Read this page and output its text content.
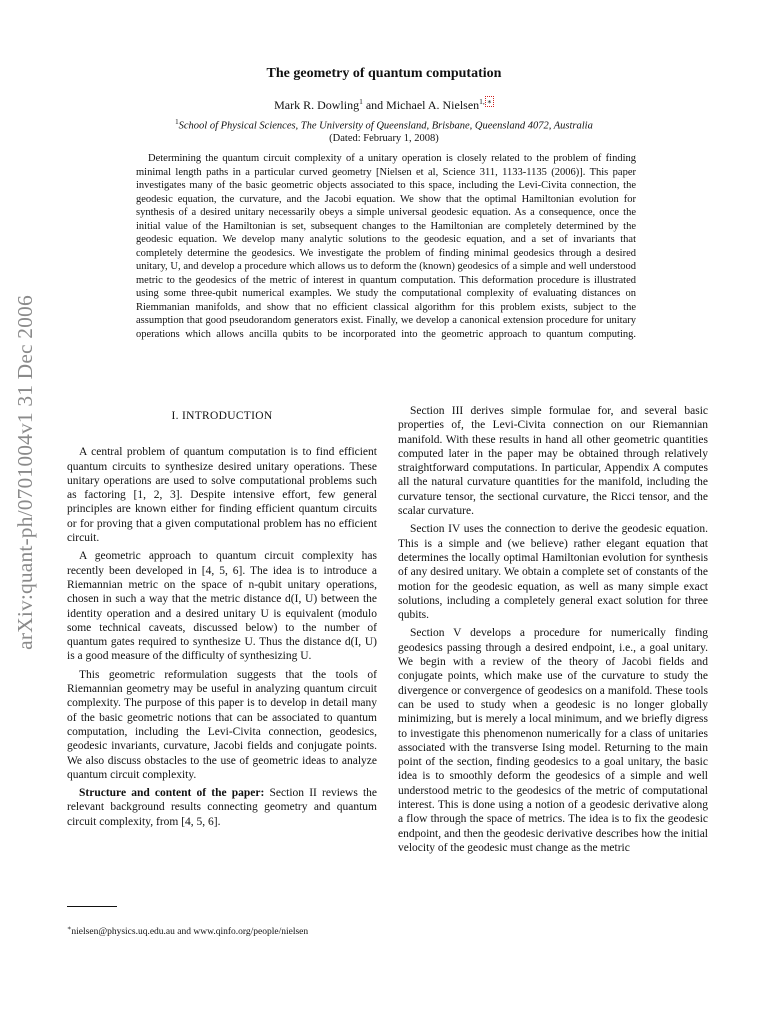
arXiv:quant-ph/0701004v1 31 Dec 2006
The geometry of quantum computation
Mark R. Dowling$^1$ and Michael A. Nielsen$^{1, ∗}$
$^1$School of Physical Sciences, The University of Queensland, Brisbane, Queensland 4072, Australia
(Dated: February 1, 2008)

Determining the quantum circuit complexity of a unitary operation is closely related to the problem of finding minimal length paths in a particular curved geometry [Nielsen et al, Science 311, 1133-1135 (2006)]. This paper investigates many of the basic geometric objects associated to this space, including the Levi-Civita connection, the geodesic equation, the curvature, and the Jacobi equation. We show that the optimal Hamiltonian evolution for synthesis of a desired unitary necessarily obeys a simple universal geodesic equation. As a consequence, once the initial value of the Hamiltonian is set, subsequent changes to the Hamiltonian are completely determined by the geodesic equation. We develop many analytic solutions to the geodesic equation, and a set of invariants that completely determine the geodesics. We investigate the problem of finding minimal geodesics through a desired unitary, U, and develop a procedure which allows us to deform the (known) geodesics of a simple and well understood metric to the geodesics of the metric of interest in quantum computation. This deformation procedure is illustrated using some three-qubit numerical examples. We study the computational complexity of evaluating distances on Riemmanian manifolds, and show that no efficient classical algorithm for this problem exists, subject to the assumption that good pseudorandom generators exist. Finally, we develop a canonical extension procedure for unitary operations which allows ancilla qubits to be incorporated into the geometric approach to quantum computing.

I. INTRODUCTION

A central problem of quantum computation is to find efficient quantum circuits to synthesize desired unitary operations. These unitary operations are used to solve computational problems such as factoring [1, 2, 3]. Despite intensive effort, few general principles are known either for finding efficient quantum circuits or for proving that a given computational problem has no efficient circuit.

A geometric approach to quantum circuit complexity has recently been developed in [4, 5, 6]. The idea is to introduce a Riemannian metric on the space of n-qubit unitary operations, chosen in such a way that the metric distance d(I, U) between the identity operation and a desired unitary U is equivalent (modulo some technical caveats, discussed below) to the number of quantum gates required to synthesize U. Thus the distance d(I, U) is a good measure of the difficulty of synthesizing U.

This geometric reformulation suggests that the tools of Riemannian geometry may be useful in analyzing quantum circuit complexity. The purpose of this paper is to develop in detail many of the basic geometric notions that can be associated to quantum computation, including the Levi-Civita connection, geodesics, geodesic invariants, curvature, Jacobi fields and conjugate points. We also discuss obstacles to the use of geometric ideas to analyze quantum circuit complexity.

Structure and content of the paper: Section II reviews the relevant background results connecting geometry and quantum circuit complexity, from [4, 5, 6].

Section III derives simple formulae for, and several basic properties of, the Levi-Civita connection on our Riemannian manifold. With these results in hand all other geometric quantities computed later in the paper may be obtained through relatively straightforward computations. In particular, Appendix A computes all the natural curvature quantities for the manifold, including the curvature tensor, the sectional curvature, the Ricci tensor, and the scalar curvature.

Section IV uses the connection to derive the geodesic equation. This is a simple and (we believe) rather elegant equation that determines the locally optimal Hamiltonian evolution for synthesis of any desired unitary. We obtain a complete set of constants of the motion for the geodesic equation, as well as many simple exact solutions, including a completely general exact solution for three qubits.

Section V develops a procedure for numerically finding geodesics passing through a desired endpoint, i.e., a goal unitary. We begin with a review of the theory of Jacobi fields and conjugate points, which make use of the curvature to study the divergence or convergence of geodesics on a manifold. These tools can be used to study when a geodesic is no longer globally minimizing, but is merely a local minimum, and we briefly digress to investigate this phenomenon numerically for a class of unitaries associated with the transverse Ising model. Returning to the main point of the section, finding geodesics to a goal unitary, the basic idea is to smoothly deform the geodesics of a simple and well understood metric to the geodesics of the metric of computational interest. This is done using a notion of a geodesic derivative along a flow through the space of metrics. The idea is to fix the geodesic endpoint, and then the geodesic derivative describes how the initial velocity of the geodesic must change as the metric

∗nielsen@physics.uq.edu.au and www.qinfo.org/people/nielsen
